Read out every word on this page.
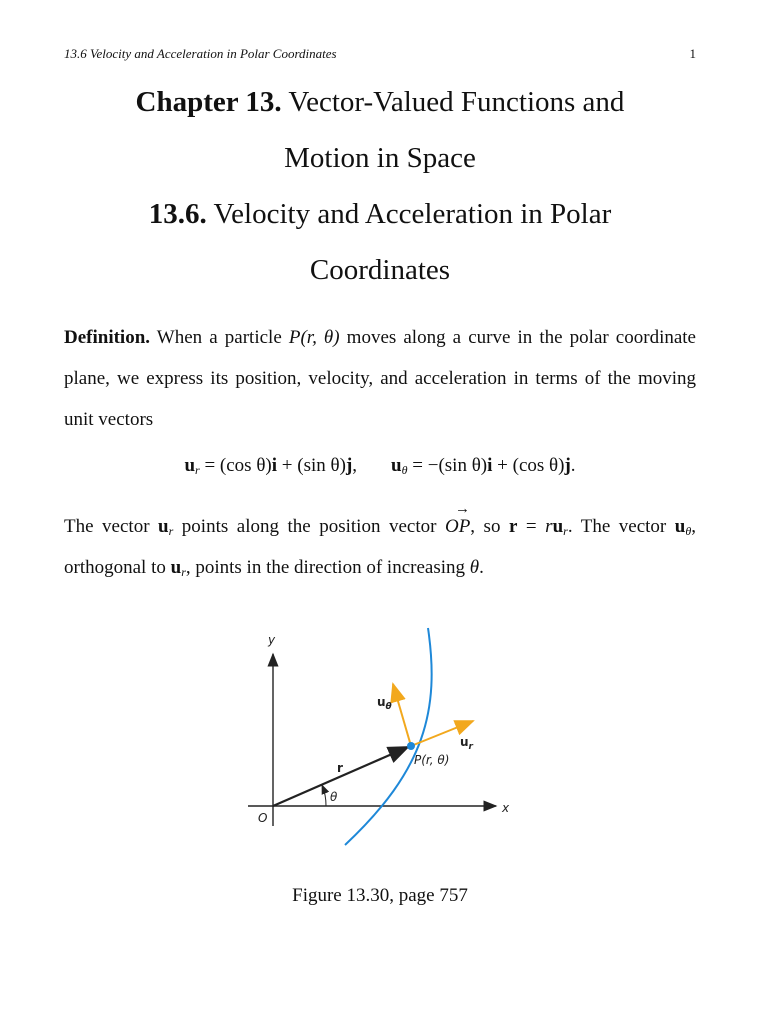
13.6 Velocity and Acceleration in Polar Coordinates	1
Chapter 13. Vector-Valued Functions and
Motion in Space
13.6. Velocity and Acceleration in Polar
Coordinates
Definition. When a particle P(r, θ) moves along a curve in the polar coordinate plane, we express its position, velocity, and acceleration in terms of the moving unit vectors
$u_r = (\cos$ θ)i + (sin θ)j, $u_\theta = -(\sin$ θ)i + (cos θ)j.
The vector $u_r$ points along the position vector
→
OP, so $r = ru_r$. The vector $u_\theta$, orthogonal to $u_r$, points in the direction of increasing θ.
y
x
O
r
θ
P(r, θ)
$u_\theta$
$u_r$
Figure 13.30, page 757
